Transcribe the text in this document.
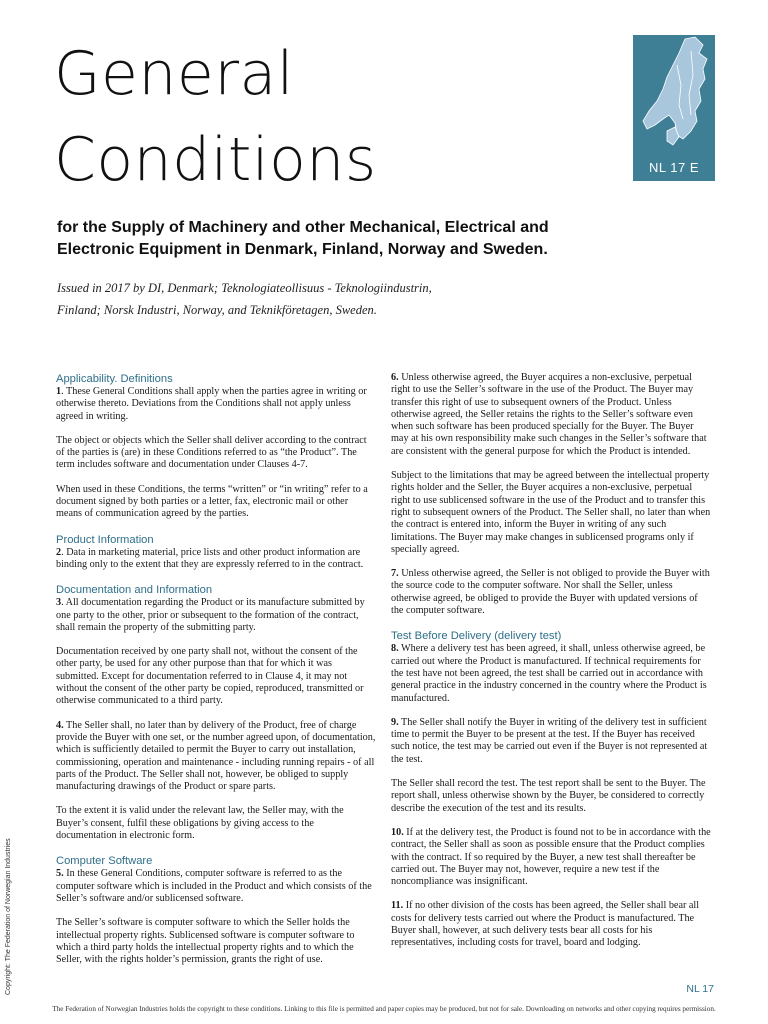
General
Conditions	NL 17 E
for the Supply of Machinery and other Mechanical, Electrical and
Electronic Equipment in Denmark, Finland, Norway and Sweden.
Issued in 2017 by DI, Denmark; Teknologiateollisuus - Teknologiindustrin,
Finland; Norsk Industri, Norway, and Teknikföretagen, Sweden.
Applicability. Definitions

1. These General Conditions shall apply when the parties agree in writing or otherwise thereto. Deviations from the Conditions shall not apply unless agreed in writing.

The object or objects which the Seller shall deliver according to the contract of the parties is (are) in these Conditions referred to as “the Product”. The term includes software and documentation under Clauses 4-7.

When used in these Conditions, the terms “written” or “in writing” refer to a document signed by both parties or a letter, fax, electronic mail or other means of communication agreed by the parties.

Product Information

2. Data in marketing material, price lists and other product information are binding only to the extent that they are expressly referred to in the contract.

Documentation and Information

3. All documentation regarding the Product or its manufacture submitted by one party to the other, prior or subsequent to the formation of the contract, shall remain the property of the submitting party.

Documentation received by one party shall not, without the consent of the other party, be used for any other purpose than that for which it was submitted. Except for documentation referred to in Clause 4, it may not without the consent of the other party be copied, reproduced, transmitted or otherwise communicated to a third party.

4. The Seller shall, no later than by delivery of the Product, free of charge provide the Buyer with one set, or the number agreed upon, of documentation, which is sufficiently detailed to permit the Buyer to carry out installation, commissioning, operation and maintenance - including running repairs - of all parts of the Product. The Seller shall not, however, be obliged to supply manufacturing drawings of the Product or spare parts.

To the extent it is valid under the relevant law, the Seller may, with the Buyer’s consent, fulfil these obligations by giving access to the documentation in electronic form.

Computer Software

5. In these General Conditions, computer software is referred to as the computer software which is included in the Product and which consists of the Seller’s software and/or sublicensed software.

The Seller’s software is computer software to which the Seller holds the intellectual property rights. Sublicensed software is computer software to which a third party holds the intellectual property rights and to which the Seller, with the rights holder’s permission, grants the right of use.

6. Unless otherwise agreed, the Buyer acquires a non-exclusive, perpetual right to use the Seller’s software in the use of the Product. The Buyer may transfer this right of use to subsequent owners of the Product. Unless otherwise agreed, the Seller retains the rights to the Seller’s software even when such software has been produced specially for the Buyer. The Buyer may at his own responsibility make such changes in the Seller’s software that are consistent with the general purpose for which the Product is intended.

Subject to the limitations that may be agreed between the intellectual property rights holder and the Seller, the Buyer acquires a non-exclusive, perpetual right to use sublicensed software in the use of the Product and to transfer this right to subsequent owners of the Product. The Seller shall, no later than when the contract is entered into, inform the Buyer in writing of any such limitations. The Buyer may make changes in sublicensed programs only if specially agreed.

7. Unless otherwise agreed, the Seller is not obliged to provide the Buyer with the source code to the computer software. Nor shall the Seller, unless otherwise agreed, be obliged to provide the Buyer with updated versions of the computer software.

Test Before Delivery (delivery test)

8. Where a delivery test has been agreed, it shall, unless otherwise agreed, be carried out where the Product is manufactured. If technical requirements for the test have not been agreed, the test shall be carried out in accordance with general practice in the industry concerned in the country where the Product is manufactured.

9. The Seller shall notify the Buyer in writing of the delivery test in sufficient time to permit the Buyer to be present at the test. If the Buyer has received such notice, the test may be carried out even if the Buyer is not represented at the test.

The Seller shall record the test. The test report shall be sent to the Buyer. The report shall, unless otherwise shown by the Buyer, be considered to correctly describe the execution of the test and its results.

10. If at the delivery test, the Product is found not to be in accordance with the contract, the Seller shall as soon as possible ensure that the Product complies with the contract. If so required by the Buyer, a new test shall thereafter be carried out. The Buyer may not, however, require a new test if the noncompliance was insignificant.

11. If no other division of the costs has been agreed, the Seller shall bear all costs for delivery tests carried out where the Product is manufactured. The Buyer shall, however, at such delivery tests bear all costs for his representatives, including costs for travel, board and lodging.

Copyright: The Federation of Norwegian Industries	NL 17
The Federation of Norwegian Industries holds the copyright to these conditions. Linking to this file is permitted and paper copies may be produced, but not for sale. Downloading on networks and other copying requires permission.
